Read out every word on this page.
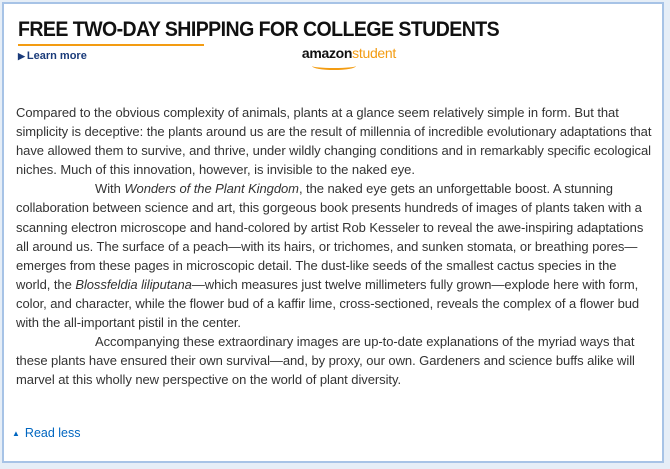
FREE TWO-DAY SHIPPING FOR COLLEGE STUDENTS
▶ Learn more	amazonstudent

Compared to the obvious complexity of animals, plants at a glance seem relatively simple in form. But that simplicity is deceptive: the plants around us are the result of millennia of incredible evolutionary adaptations that have allowed them to survive, and thrive, under wildly changing conditions and in remarkably specific ecological niches. Much of this innovation, however, is invisible to the naked eye.

With Wonders of the Plant Kingdom, the naked eye gets an unforgettable boost. A stunning collaboration between science and art, this gorgeous book presents hundreds of images of plants taken with a scanning electron microscope and hand-colored by artist Rob Kesseler to reveal the awe-inspiring adaptations all around us. The surface of a peach—with its hairs, or trichomes, and sunken stomata, or breathing pores—emerges from these pages in microscopic detail. The dust-like seeds of the smallest cactus species in the world, the Blossfeldia liliputana—which measures just twelve millimeters fully grown—explode here with form, color, and character, while the flower bud of a kaffir lime, cross-sectioned, reveals the complex of a flower bud with the all-important pistil in the center.

Accompanying these extraordinary images are up-to-date explanations of the myriad ways that these plants have ensured their own survival—and, by proxy, our own. Gardeners and science buffs alike will marvel at this wholly new perspective on the world of plant diversity.

▲ Read less
